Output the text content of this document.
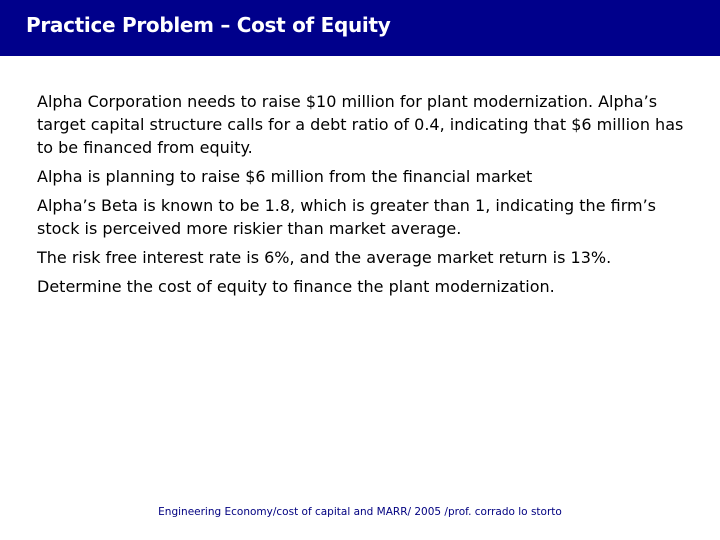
Practice Problem – Cost of Equity

Alpha Corporation needs to raise $10 million for plant modernization. Alpha’s target capital structure calls for a debt ratio of 0.4, indicating that $6 million has to be financed from equity.

Alpha is planning to raise $6 million from the financial market

Alpha’s Beta is known to be 1.8, which is greater than 1, indicating the firm’s stock is perceived more riskier than market average.

The risk free interest rate is 6%, and the average market return is 13%.

Determine the cost of equity to finance the plant modernization.

Engineering Economy/cost of capital and MARR/ 2005 /prof. corrado lo storto
